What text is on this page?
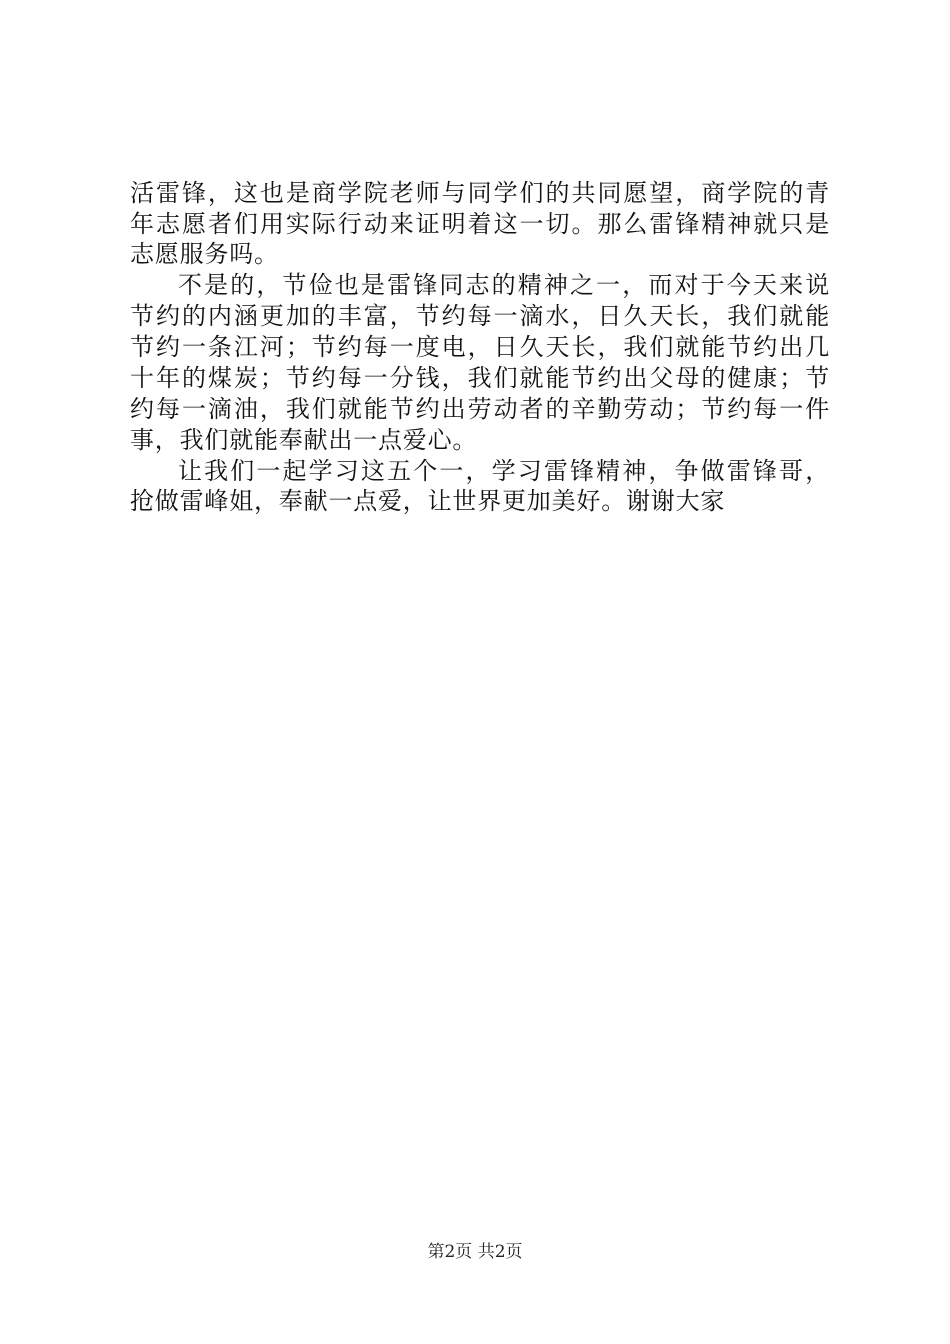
活雷锋，这也是商学院老师与同学们的共同愿望，商学院的青
年志愿者们用实际行动来证明着这一切。那么雷锋精神就只是
志愿服务吗。
不是的，节俭也是雷锋同志的精神之一，而对于今天来说
节约的内涵更加的丰富，节约每一滴水，日久天长，我们就能
节约一条江河；节约每一度电，日久天长，我们就能节约出几
十年的煤炭；节约每一分钱，我们就能节约出父母的健康；节
约每一滴油，我们就能节约出劳动者的辛勤劳动；节约每一件
事，我们就能奉献出一点爱心。
让我们一起学习这五个一，学习雷锋精神，争做雷锋哥，
抢做雷峰姐，奉献一点爱，让世界更加美好。谢谢大家
第2页 共2页
